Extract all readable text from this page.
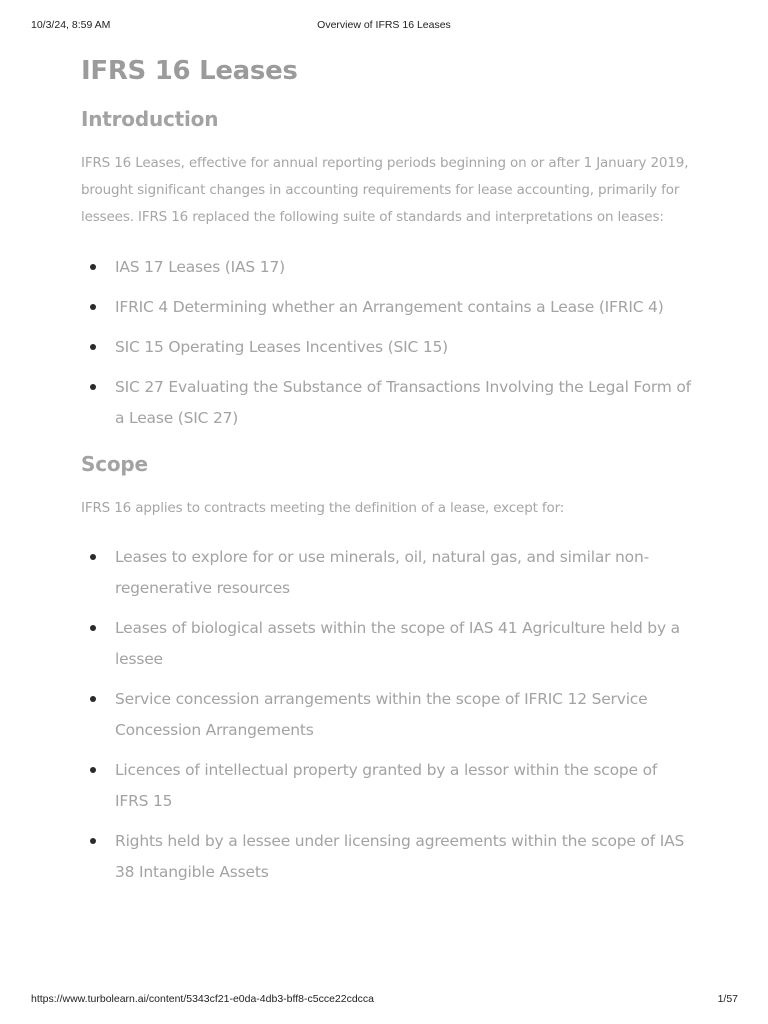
10/3/24, 8:59 AM	Overview of IFRS 16 Leases
IFRS 16 Leases
Introduction

IFRS 16 Leases, effective for annual reporting periods beginning on or after 1 January 2019, brought significant changes in accounting requirements for lease accounting, primarily for lessees. IFRS 16 replaced the following suite of standards and interpretations on leases:

IAS 17 Leases (IAS 17)
IFRIC 4 Determining whether an Arrangement contains a Lease (IFRIC 4)
SIC 15 Operating Leases Incentives (SIC 15)
SIC 27 Evaluating the Substance of Transactions Involving the Legal Form of a Lease (SIC 27)
Scope

IFRS 16 applies to contracts meeting the definition of a lease, except for:

Leases to explore for or use minerals, oil, natural gas, and similar non-regenerative resources
Leases of biological assets within the scope of IAS 41 Agriculture held by a lessee
Service concession arrangements within the scope of IFRIC 12 Service Concession Arrangements
Licences of intellectual property granted by a lessor within the scope of IFRS 15
Rights held by a lessee under licensing agreements within the scope of IAS 38 Intangible Assets
https://www.turbolearn.ai/content/5343cf21-e0da-4db3-bff8-c5cce22cdcca	1/57
